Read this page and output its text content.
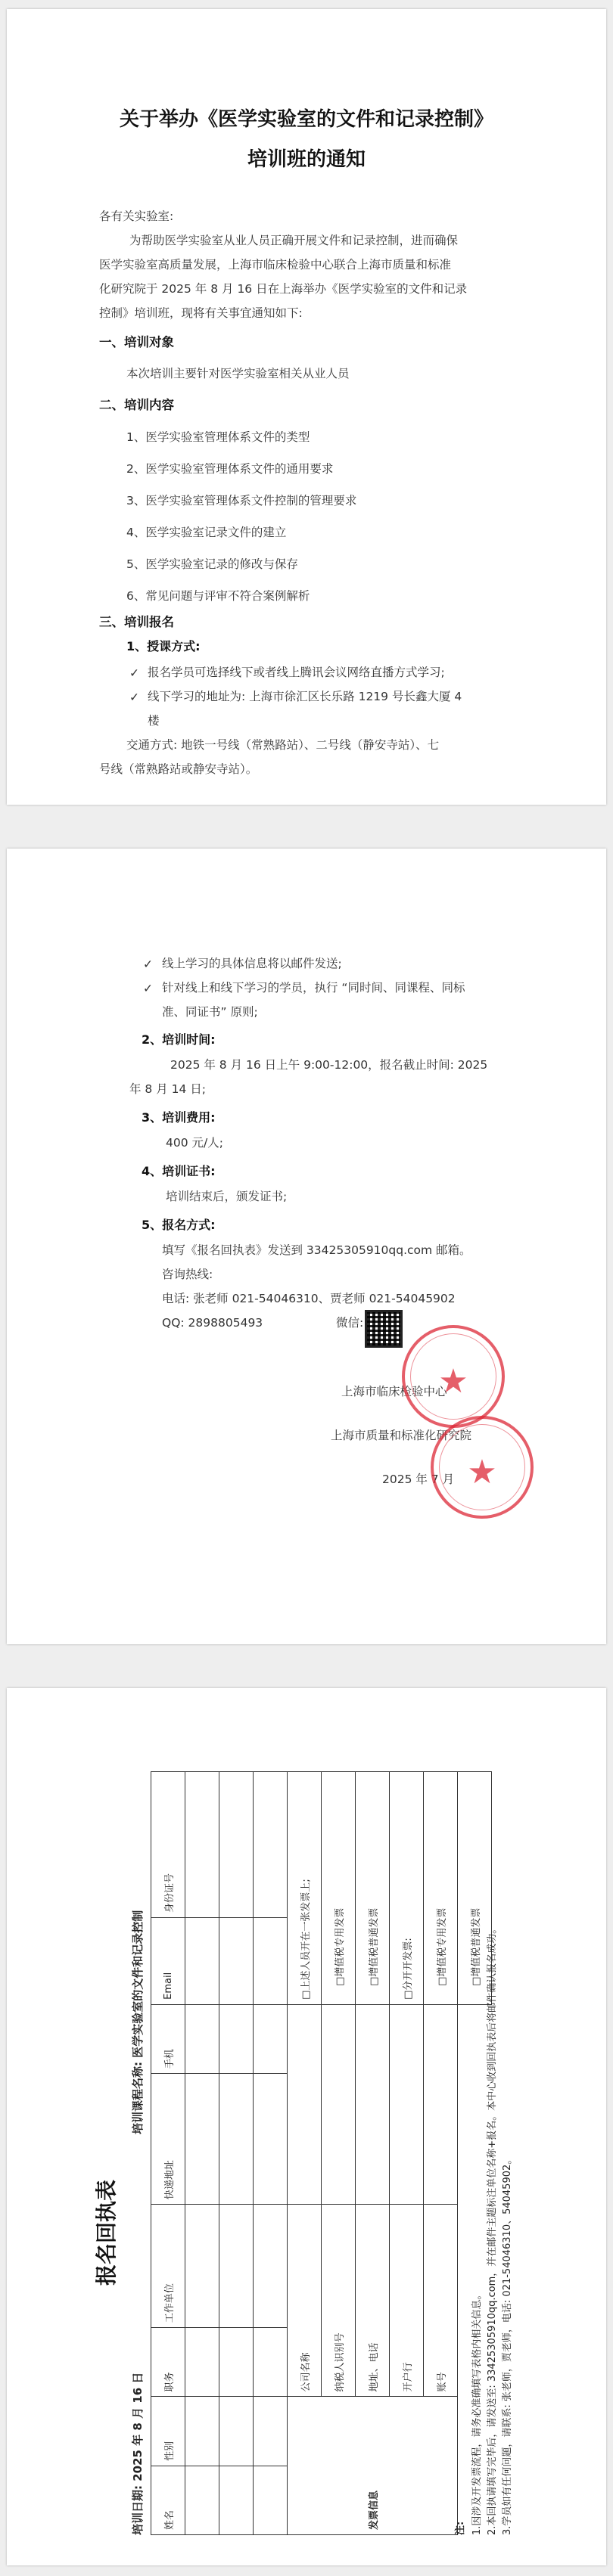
关于举办《医学实验室的文件和记录控制》
培训班的通知
各有关实验室:
为帮助医学实验室从业人员正确开展文件和记录控制，进而确保
医学实验室高质量发展，上海市临床检验中心联合上海市质量和标准
化研究院于 2025 年 8 月 16 日在上海举办《医学实验室的文件和记录
控制》培训班，现将有关事宜通知如下:
一、培训对象
本次培训主要针对医学实验室相关从业人员
二、培训内容
1、医学实验室管理体系文件的类型
2、医学实验室管理体系文件的通用要求
3、医学实验室管理体系文件控制的管理要求
4、医学实验室记录文件的建立
5、医学实验室记录的修改与保存
6、常见问题与评审不符合案例解析
三、培训报名
1、授课方式:
✓ 报名学员可选择线下或者线上腾讯会议网络直播方式学习;
✓ 线下学习的地址为: 上海市徐汇区长乐路 1219 号长鑫大厦 4
楼
交通方式: 地铁一号线（常熟路站）、二号线（静安寺站）、七
号线（常熟路站或静安寺站）。
✓ 线上学习的具体信息将以邮件发送;
✓ 针对线上和线下学习的学员，执行 “同时间、同课程、同标
准、同证书” 原则;
2、培训时间:
2025 年 8 月 16 日上午 9:00-12:00，报名截止时间: 2025
年 8 月 14 日;
3、培训费用:
400 元/人;
4、培训证书:
培训结束后，颁发证书;
5、报名方式:
填写《报名回执表》发送到 33425305910qq.com 邮箱。
咨询热线:
电话: 张老师 021-54046310、贾老师 021-54045902
QQ: 2898805493	微信:
上海市临床检验中心
上海市质量和标准化研究院
2025 年 7 月
★
★
报名回执表
培训日期: 2025 年 8 月 16 日
培训课程名称: 医学实验室的文件和记录控制
姓名	性别	职务	工作单位	快递地址	手机	Email	身份证号

发票信息		公司名称				□上述人员开在一张发票上;	
		纳税人识别号				□增值税专用发票	
		地址、电话				□增值税普通发票	
		开户行				□分开开发票:	
		账号				□增值税专用发票	
						□增值税普通发票	
注: 1.因涉及开发票流程，请务必准确填写表格内相关信息。 2.本回执请填写完毕后，请发送至: 33425305910qq.com，并在邮件主题标注单位名称+报名。本中心收到回执表后将邮件确认报名成功。 3.学员如有任何问题，请联系: 张老师，贾老师，电话: 021-54046310、54045902。
